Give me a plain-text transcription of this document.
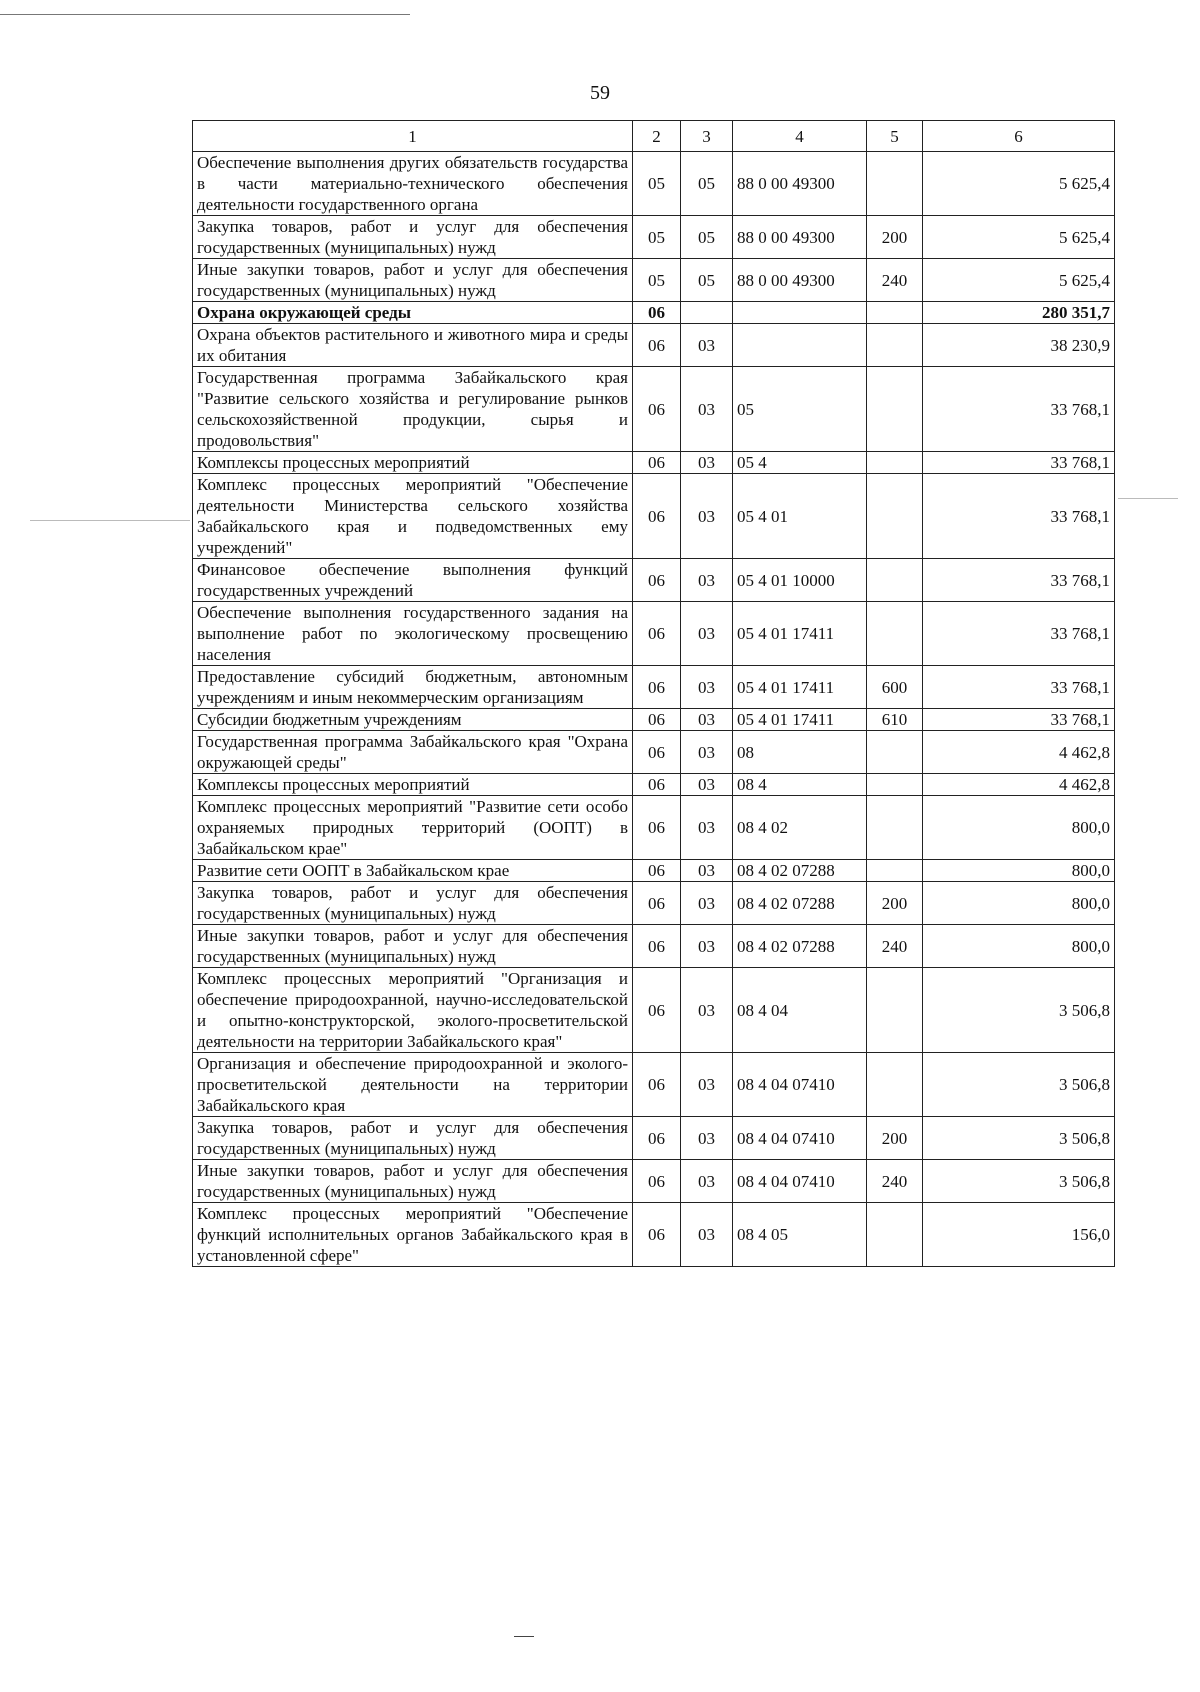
59
1	2	3	4	5	6
Обеспечение выполнения других обязательств государства в части материально-технического обеспечения деятельности государственного органа	05	05	88 0 00 49300		5 625,4
Закупка товаров, работ и услуг для обеспечения государственных (муниципальных) нужд	05	05	88 0 00 49300	200	5 625,4
Иные закупки товаров, работ и услуг для обеспечения государственных (муниципальных) нужд	05	05	88 0 00 49300	240	5 625,4
Охрана окружающей среды	06				280 351,7
Охрана объектов растительного и животного мира и среды их обитания	06	03			38 230,9
Государственная программа Забайкальского края "Развитие сельского хозяйства и регулирование рынков сельскохозяйственной продукции, сырья и продовольствия"	06	03	05		33 768,1
Комплексы процессных мероприятий	06	03	05 4		33 768,1
Комплекс процессных мероприятий "Обеспечение деятельности Министерства сельского хозяйства Забайкальского края и подведомственных ему учреждений"	06	03	05 4 01		33 768,1
Финансовое обеспечение выполнения функций государственных учреждений	06	03	05 4 01 10000		33 768,1
Обеспечение выполнения государственного задания на выполнение работ по экологическому просвещению населения	06	03	05 4 01 17411		33 768,1
Предоставление субсидий бюджетным, автономным учреждениям и иным некоммерческим организациям	06	03	05 4 01 17411	600	33 768,1
Субсидии бюджетным учреждениям	06	03	05 4 01 17411	610	33 768,1
Государственная программа Забайкальского края "Охрана окружающей среды"	06	03	08		4 462,8
Комплексы процессных мероприятий	06	03	08 4		4 462,8
Комплекс процессных мероприятий "Развитие сети особо охраняемых природных территорий (ООПТ) в Забайкальском крае"	06	03	08 4 02		800,0
Развитие сети ООПТ в Забайкальском крае	06	03	08 4 02 07288		800,0
Закупка товаров, работ и услуг для обеспечения государственных (муниципальных) нужд	06	03	08 4 02 07288	200	800,0
Иные закупки товаров, работ и услуг для обеспечения государственных (муниципальных) нужд	06	03	08 4 02 07288	240	800,0
Комплекс процессных мероприятий "Организация и обеспечение природоохранной, научно-исследовательской и опытно-конструкторской, эколого-просветительской деятельности на территории Забайкальского края"	06	03	08 4 04		3 506,8
Организация и обеспечение природоохранной и эколого-просветительской деятельности на территории Забайкальского края	06	03	08 4 04 07410		3 506,8
Закупка товаров, работ и услуг для обеспечения государственных (муниципальных) нужд	06	03	08 4 04 07410	200	3 506,8
Иные закупки товаров, работ и услуг для обеспечения государственных (муниципальных) нужд	06	03	08 4 04 07410	240	3 506,8
Комплекс процессных мероприятий "Обеспечение функций исполнительных органов Забайкальского края в установленной сфере"	06	03	08 4 05		156,0
